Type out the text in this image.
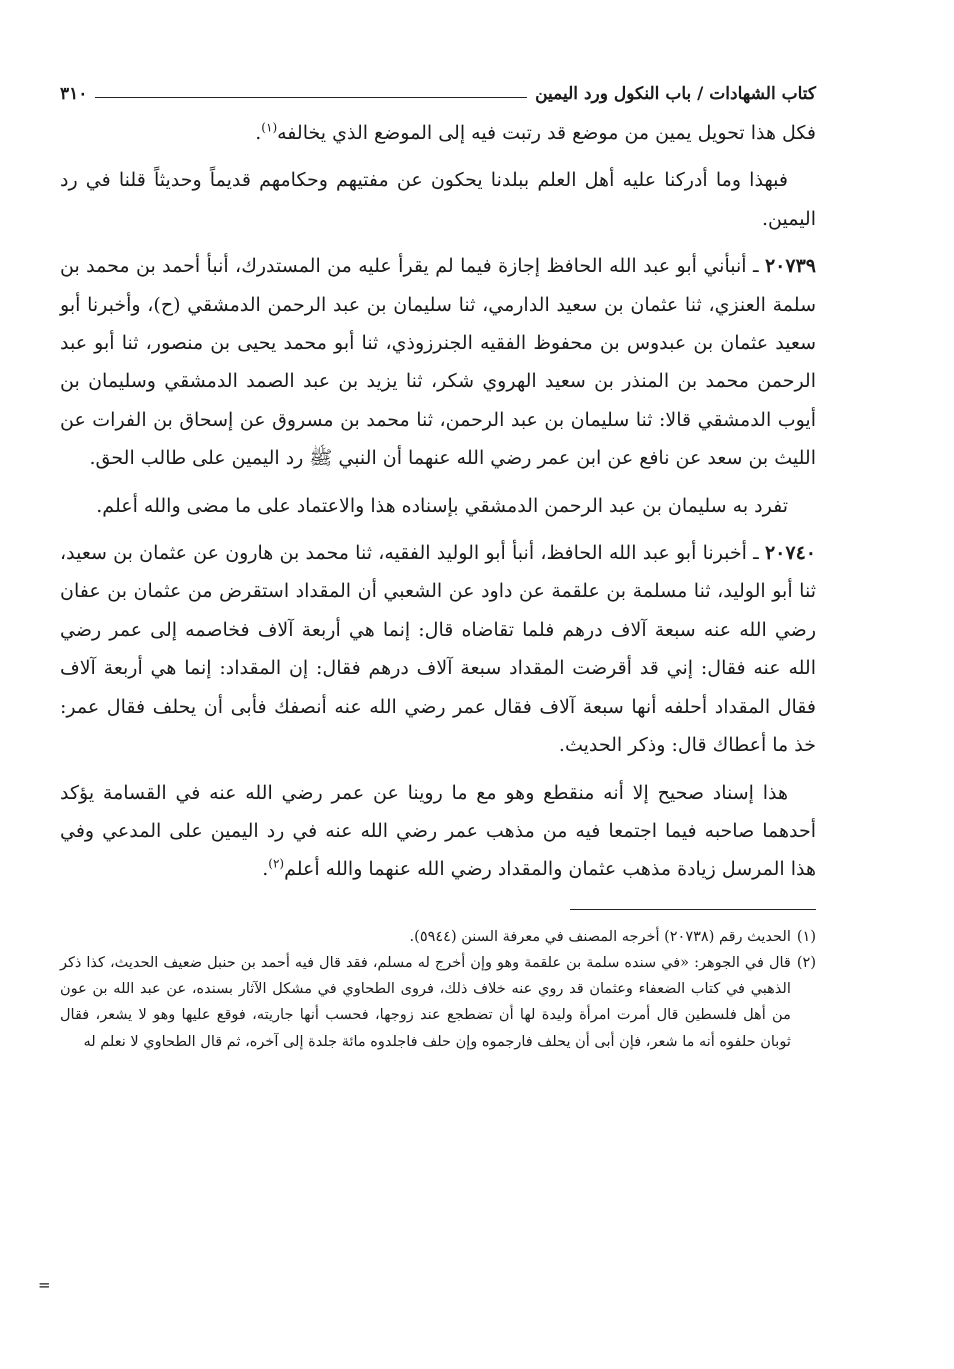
كتاب الشهادات / باب النكول ورد اليمين
٣١٠

فكل هذا تحويل يمين من موضع قد رتبت فيه إلى الموضع الذي يخالفه$^{(١)}$.

فبهذا وما أدركنا عليه أهل العلم ببلدنا يحكون عن مفتيهم وحكامهم قديماً وحديثاً قلنا في رد اليمين.

٢٠٧٣٩ ـ أنبأني أبو عبد الله الحافظ إجازة فيما لم يقرأ عليه من المستدرك، أنبأ أحمد بن محمد بن سلمة العنزي، ثنا عثمان بن سعيد الدارمي، ثنا سليمان بن عبد الرحمن الدمشقي (ح)، وأخبرنا أبو سعيد عثمان بن عبدوس بن محفوظ الفقيه الجنرزوذي، ثنا أبو محمد يحيى بن منصور، ثنا أبو عبد الرحمن محمد بن المنذر بن سعيد الهروي شكر، ثنا يزيد بن عبد الصمد الدمشقي وسليمان بن أيوب الدمشقي قالا: ثنا سليمان بن عبد الرحمن، ثنا محمد بن مسروق عن إسحاق بن الفرات عن الليث بن سعد عن نافع عن ابن عمر رضي الله عنهما أن النبي ﷺ رد اليمين على طالب الحق.

تفرد به سليمان بن عبد الرحمن الدمشقي بإسناده هذا والاعتماد على ما مضى والله أعلم.

٢٠٧٤٠ ـ أخبرنا أبو عبد الله الحافظ، أنبأ أبو الوليد الفقيه، ثنا محمد بن هارون عن عثمان بن سعيد، ثنا أبو الوليد، ثنا مسلمة بن علقمة عن داود عن الشعبي أن المقداد استقرض من عثمان بن عفان رضي الله عنه سبعة آلاف درهم فلما تقاضاه قال: إنما هي أربعة آلاف فخاصمه إلى عمر رضي الله عنه فقال: إني قد أقرضت المقداد سبعة آلاف درهم فقال: إن المقداد: إنما هي أربعة آلاف فقال المقداد أحلفه أنها سبعة آلاف فقال عمر رضي الله عنه أنصفك فأبى أن يحلف فقال عمر: خذ ما أعطاك قال: وذكر الحديث.

هذا إسناد صحيح إلا أنه منقطع وهو مع ما روينا عن عمر رضي الله عنه في القسامة يؤكد أحدهما صاحبه فيما اجتمعا فيه من مذهب عمر رضي الله عنه في رد اليمين على المدعي وفي هذا المرسل زيادة مذهب عثمان والمقداد رضي الله عنهما والله أعلم$^{(٢)}$.

(١)
الحديث رقم (٢٠٧٣٨) أخرجه المصنف في معرفة السنن (٥٩٤٤).

(٢)
قال في الجوهر: «في سنده سلمة بن علقمة وهو وإن أخرج له مسلم، فقد قال فيه أحمد بن حنبل ضعيف الحديث، كذا ذكر الذهبي في كتاب الضعفاء وعثمان قد روي عنه خلاف ذلك، فروى الطحاوي في مشكل الآثار بسنده، عن عبد الله بن عون من أهل فلسطين قال أمرت امرأة وليدة لها أن تضطجع عند زوجها، فحسب أنها جاريته، فوقع عليها وهو لا يشعر، فقال ثوبان حلفوه أنه ما شعر، فإن أبى أن يحلف فارجموه وإن حلف فاجلدوه مائة جلدة إلى آخره، ثم قال الطحاوي لا نعلم له

=
